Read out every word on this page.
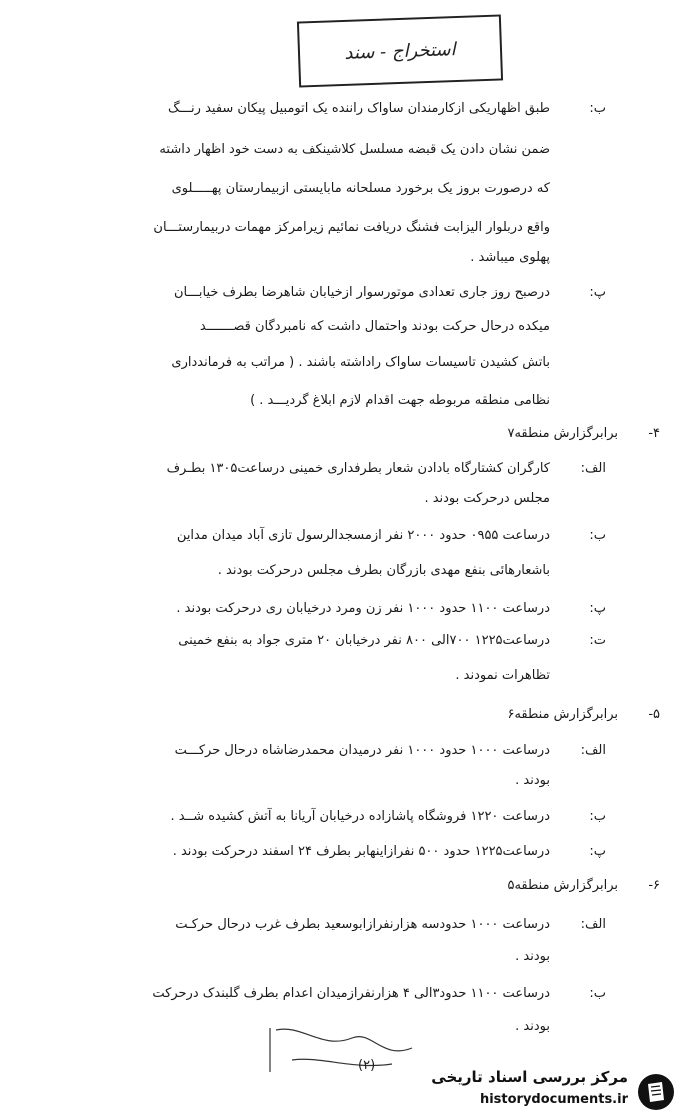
استخراج - سند
ب:
طبق اظهاریکی ازکارمندان ساواک راننده یک اتومبیل پیکان سفید رنـــگ
ضمن نشان دادن یک قبضه مسلسل کلاشینکف به دست خود اظهار داشته
که درصورت بروز یک برخورد مسلحانه مابایستی ازبیمارستان پهـــــلوی
واقع دربلوار الیزابت فشنگ دریافت نمائیم زیرامرکز مهمات دربیمارستـــان
پهلوی میباشد .
پ:
درصبح روز جاری تعدادی موتورسوار ازخیابان شاهرضا بطرف خیابـــان
میکده درحال حرکت بودند واحتمال داشت که نامبردگان قصـــــــد
باتش کشیدن تاسیسات ساواک راداشته باشند . ( مراتب به فرماندداری
نظامی منطقه مربوطه جهت اقدام لازم ابلاغ گردیـــد . )
۴-
برابرگزارش منطقه۷
الف:
کارگران کشتارگاه بادادن شعار بطرفداری خمینی درساعت۱۳۰۵ بطـرف
مجلس درحرکت بودند .
ب:
درساعت ۰۹۵۵ حدود ۲۰۰۰ نفر ازمسجدالرسول تازی آباد میدان مداین
باشعارهائی بنفع مهدی بازرگان بطرف مجلس درحرکت بودند .
پ:
درساعت ۱۱۰۰ حدود ۱۰۰۰ نفر زن ومرد درخیابان ری درحرکت بودند .
ت:
درساعت۱۲۲۵ ۷۰۰الی ۸۰۰ نفر درخیابان ۲۰ متری جواد به بنفع خمینی
تظاهرات نمودند .
۵-
برابرگزارش منطقه۶
الف:
درساعت ۱۰۰۰ حدود ۱۰۰۰ نفر درمیدان محمدرضاشاه درحال حرکـــت
بودند .
ب:
درساعت ۱۲۲۰ فروشگاه پاشازاده درخیابان آریانا به آتش کشیده شــد .
پ:
درساعت۱۲۲۵ حدود ۵۰۰ نفرازاینهابر بطرف ۲۴ اسفند درحرکت بودند .
۶-
برابرگزارش منطقه۵
الف:
درساعت ۱۰۰۰ حدودسه هزارنفرازابوسعید بطرف غرب درحال حرکـت
بودند .
ب:
درساعت ۱۱۰۰ حدود۳الی ۴ هزارنفرازمیدان اعدام بطرف گلبندک درحرکت
بودند .
(۲)
مرکز بررسی اسناد تاریخی
historydocuments.ir
